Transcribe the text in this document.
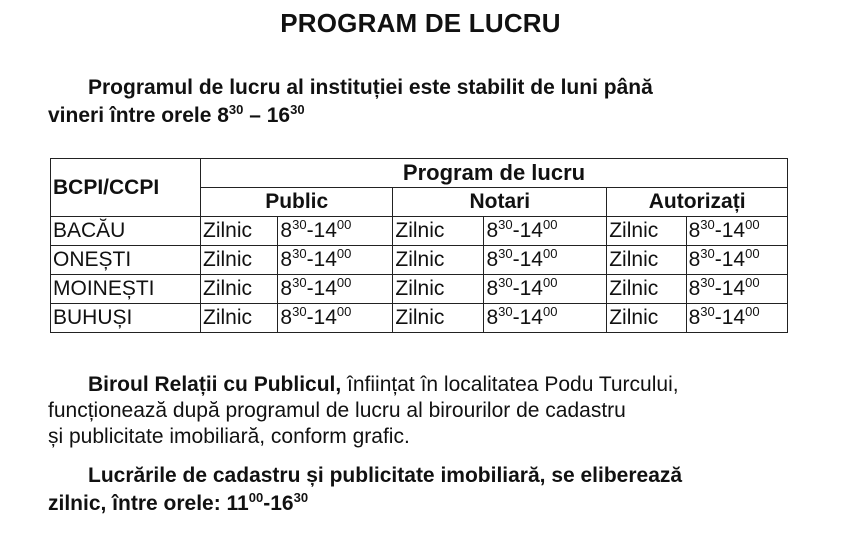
PROGRAM DE LUCRU
Programul de lucru al instituției este stabilit de luni până
vineri între orele $8^{30} - 16^{30}$
BCPI/CCPI	Program de lucru					
	Public		Notari		Autorizați	
BACĂU	Zilnic	$8^{30}-14^{00}$	Zilnic	$8^{30}-14^{00}$	Zilnic	$8^{30}-14^{00}$
ONEȘTI	Zilnic	$8^{30}-14^{00}$	Zilnic	$8^{30}-14^{00}$	Zilnic	$8^{30}-14^{00}$
MOINEȘTI	Zilnic	$8^{30}-14^{00}$	Zilnic	$8^{30}-14^{00}$	Zilnic	$8^{30}-14^{00}$
BUHUȘI	Zilnic	$8^{30}-14^{00}$	Zilnic	$8^{30}-14^{00}$	Zilnic	$8^{30}-14^{00}$
Biroul Relații cu Publicul, înființat în localitatea Podu Turcului,
funcționează după programul de lucru al birourilor de cadastru
și publicitate imobiliară, conform grafic.
Lucrările de cadastru și publicitate imobiliară, se eliberează
zilnic, între orele: $11^{00}-16^{30}$
